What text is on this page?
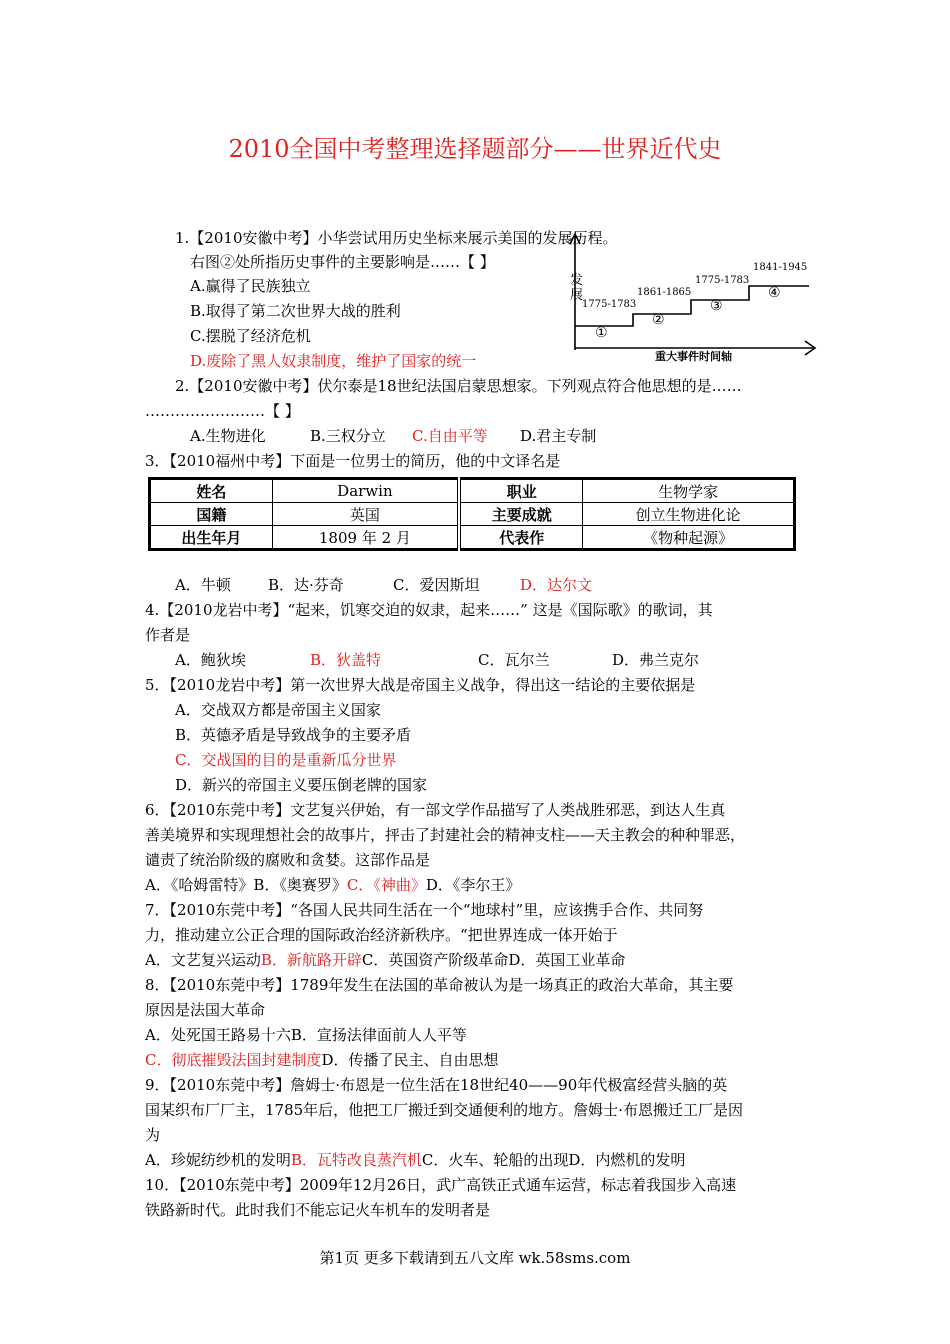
2010全国中考整理选择题部分——世界近代史
1.【2010安徽中考】小华尝试用历史坐标来展示美国的发展历程。
右图②处所指历史事件的主要影响是……【 】
A.赢得了民族独立
B.取得了第二次世界大战的胜利
C.摆脱了经济危机
D.废除了黑人奴隶制度，维护了国家的统一
发
展
1775-1783
①
1861-1865
②
1775-1783
③
1841-1945
④
重大事件时间轴
2.【2010安徽中考】伏尔泰是18世纪法国启蒙思想家。下列观点符合他思想的是……
……………………【 】
A.生物进化	B.三权分立 C.自由平等 D.君主专制
3．【2010福州中考】下面是一位男士的简历，他的中文译名是
姓名	Darwin	职业	生物学家
国籍	英国	主要成就	创立生物进化论
出生年月	1809 年 2 月	代表作	《物种起源》
A．牛顿 B．达·芬奇	C．爱因斯坦	D．达尔文
4.【2010龙岩中考】“起来，饥寒交迫的奴隶，起来……” 这是《国际歌》的歌词，其
作者是
A．鲍狄埃	B．狄盖特	C．瓦尔兰	D．弗兰克尔
5．【2010龙岩中考】第一次世界大战是帝国主义战争，得出这一结论的主要依据是
A．交战双方都是帝国主义国家
B．英德矛盾是导致战争的主要矛盾
C．交战国的目的是重新瓜分世界
D．新兴的帝国主义要压倒老牌的国家
6．【2010东莞中考】文艺复兴伊始，有一部文学作品描写了人类战胜邪恶，到达人生真
善美境界和实现理想社会的故事片，抨击了封建社会的精神支柱——天主教会的种种罪恶，
谴责了统治阶级的腐败和贪婪。这部作品是
A．《哈姆雷特》B．《奥赛罗》C．《神曲》D．《李尔王》
7．【2010东莞中考】“各国人民共同生活在一个“地球村”里，应该携手合作、共同努
力，推动建立公正合理的国际政治经济新秩序。“把世界连成一体开始于
A．文艺复兴运动B．新航路开辟C．英国资产阶级革命D．英国工业革命
8．【2010东莞中考】1789年发生在法国的革命被认为是一场真正的政治大革命，其主要
原因是法国大革命
A．处死国王路易十六B．宣扬法律面前人人平等
C．彻底摧毁法国封建制度D．传播了民主、自由思想
9．【2010东莞中考】詹姆士·布恩是一位生活在18世纪40——90年代极富经营头脑的英
国某织布厂厂主，1785年后，他把工厂搬迁到交通便利的地方。詹姆士·布恩搬迁工厂是因
为
A．珍妮纺纱机的发明B．瓦特改良蒸汽机C．火车、轮船的出现D．内燃机的发明
10．【2010东莞中考】2009年12月26日，武广高铁正式通车运营，标志着我国步入高速
铁路新时代。此时我们不能忘记火车机车的发明者是
第1页 更多下载请到五八文库 wk.58sms.com
